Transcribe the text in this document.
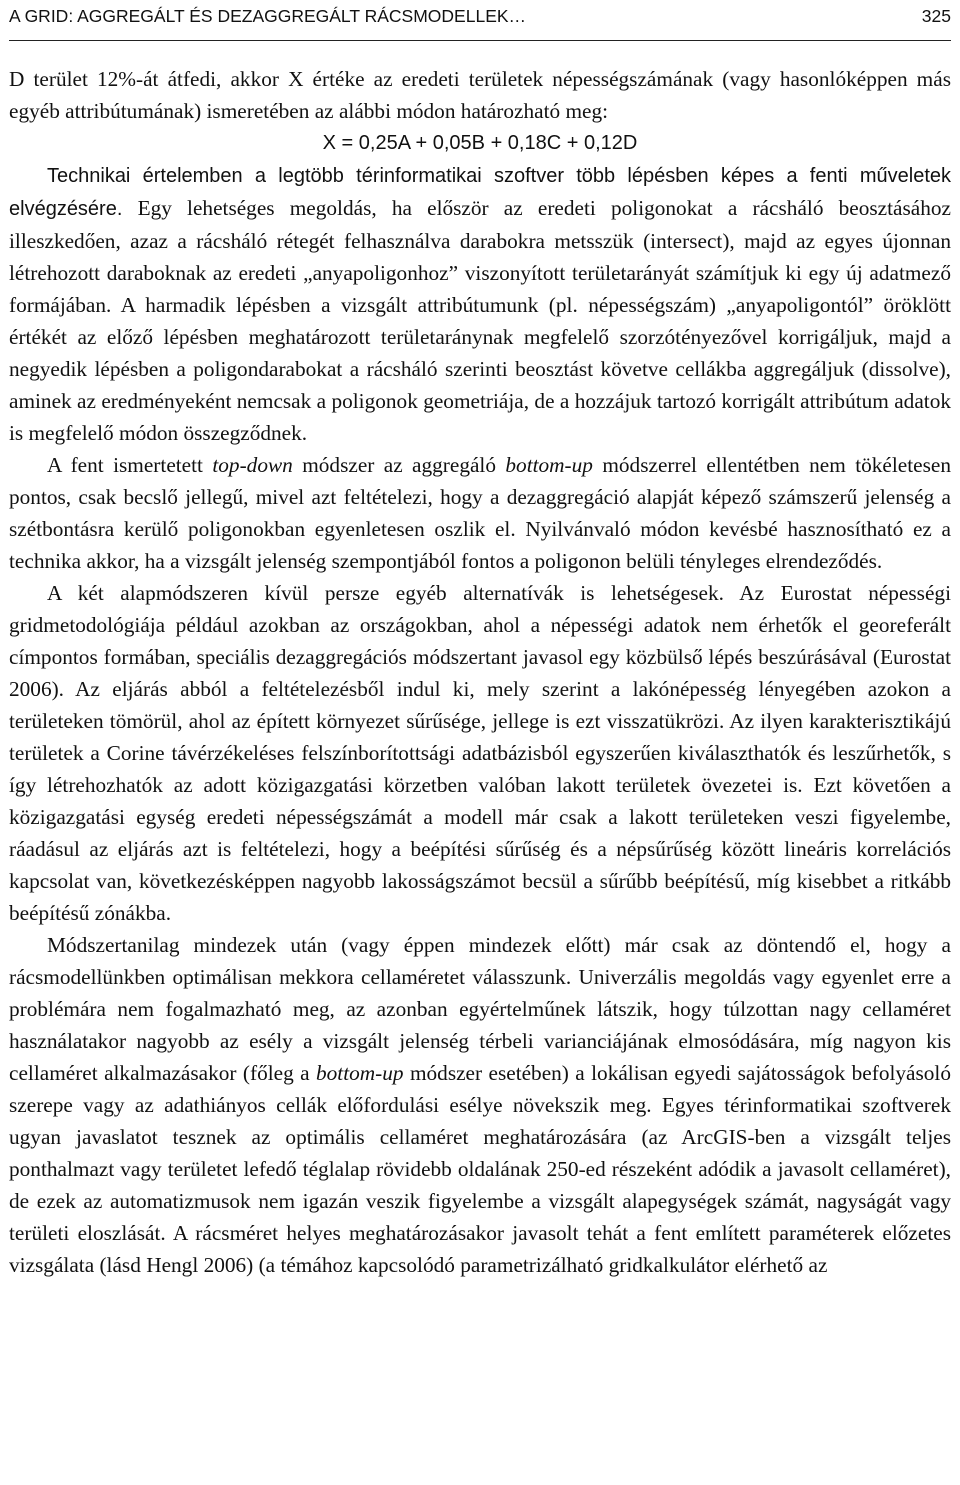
A GRID: AGGREGÁLT ÉS DEZAGGREGÁLT RÁCSMODELLEK…	325

D terület 12%-át átfedi, akkor X értéke az eredeti területek népességszámának (vagy hasonlóképpen más egyéb attribútumának) ismeretében az alábbi módon határozható meg:

X = 0,25A + 0,05B + 0,18C + 0,12D

Technikai értelemben a legtöbb térinformatikai szoftver több lépésben képes a fenti műveletek elvégzésére. Egy lehetséges megoldás, ha először az eredeti poligonokat a rácsháló beosztásához illeszkedően, azaz a rácsháló rétegét felhasználva darabokra metsszük (intersect), majd az egyes újonnan létrehozott daraboknak az eredeti „anyapoligonhoz” viszonyított területarányát számítjuk ki egy új adatmező formájában. A harmadik lépésben a vizsgált attribútumunk (pl. népességszám) „anyapoligontól” öröklött értékét az előző lépésben meghatározott területaránynak megfelelő szorzótényezővel korrigáljuk, majd a negyedik lépésben a poligondarabokat a rácsháló szerinti beosztást követve cellákba aggregáljuk (dissolve), aminek az eredményeként nemcsak a poligonok geometriája, de a hozzájuk tartozó korrigált attribútum adatok is megfelelő módon összegződnek.

A fent ismertetett top-down módszer az aggregáló bottom-up módszerrel ellentétben nem tökéletesen pontos, csak becslő jellegű, mivel azt feltételezi, hogy a dezaggregáció alapját képező számszerű jelenség a szétbontásra kerülő poligonokban egyenletesen oszlik el. Nyilvánvaló módon kevésbé hasznosítható ez a technika akkor, ha a vizsgált jelenség szempontjából fontos a poligonon belüli tényleges elrendeződés.

A két alapmódszeren kívül persze egyéb alternatívák is lehetségesek. Az Eurostat népességi gridmetodológiája például azokban az országokban, ahol a népességi adatok nem érhetők el georeferált címpontos formában, speciális dezaggregációs módszertant javasol egy közbülső lépés beszúrásával (Eurostat 2006). Az eljárás abból a feltételezésből indul ki, mely szerint a lakónépesség lényegében azokon a területeken tömörül, ahol az épített környezet sűrűsége, jellege is ezt visszatükrözi. Az ilyen karakterisztikájú területek a Corine távérzékeléses felszínborítottsági adatbázisból egyszerűen kiválaszthatók és leszűrhetők, s így létrehozhatók az adott közigazgatási körzetben valóban lakott területek övezetei is. Ezt követően a közigazgatási egység eredeti népességszámát a modell már csak a lakott területeken veszi figyelembe, ráadásul az eljárás azt is feltételezi, hogy a beépítési sűrűség és a népsűrűség között lineáris korrelációs kapcsolat van, következésképpen nagyobb lakosságszámot becsül a sűrűbb beépítésű, míg kisebbet a ritkább beépítésű zónákba.

Módszertanilag mindezek után (vagy éppen mindezek előtt) már csak az döntendő el, hogy a rácsmodellünkben optimálisan mekkora cellaméretet válasszunk. Univerzális megoldás vagy egyenlet erre a problémára nem fogalmazható meg, az azonban egyértelműnek látszik, hogy túlzottan nagy cellaméret használatakor nagyobb az esély a vizsgált jelenség térbeli varianciájának elmosódására, míg nagyon kis cellaméret alkalmazásakor (főleg a bottom-up módszer esetében) a lokálisan egyedi sajátosságok befolyásoló szerepe vagy az adathiányos cellák előfordulási esélye növekszik meg. Egyes térinformatikai szoftverek ugyan javaslatot tesznek az optimális cellaméret meghatározására (az ArcGIS-ben a vizsgált teljes ponthalmazt vagy területet lefedő téglalap rövidebb oldalának 250-ed részeként adódik a javasolt cellaméret), de ezek az automatizmusok nem igazán veszik figyelembe a vizsgált alapegységek számát, nagyságát vagy területi eloszlását. A rácsméret helyes meghatározásakor javasolt tehát a fent említett paraméterek előzetes vizsgálata (lásd Hengl 2006) (a témához kapcsolódó parametrizálható gridkalkulátor elérhető az
